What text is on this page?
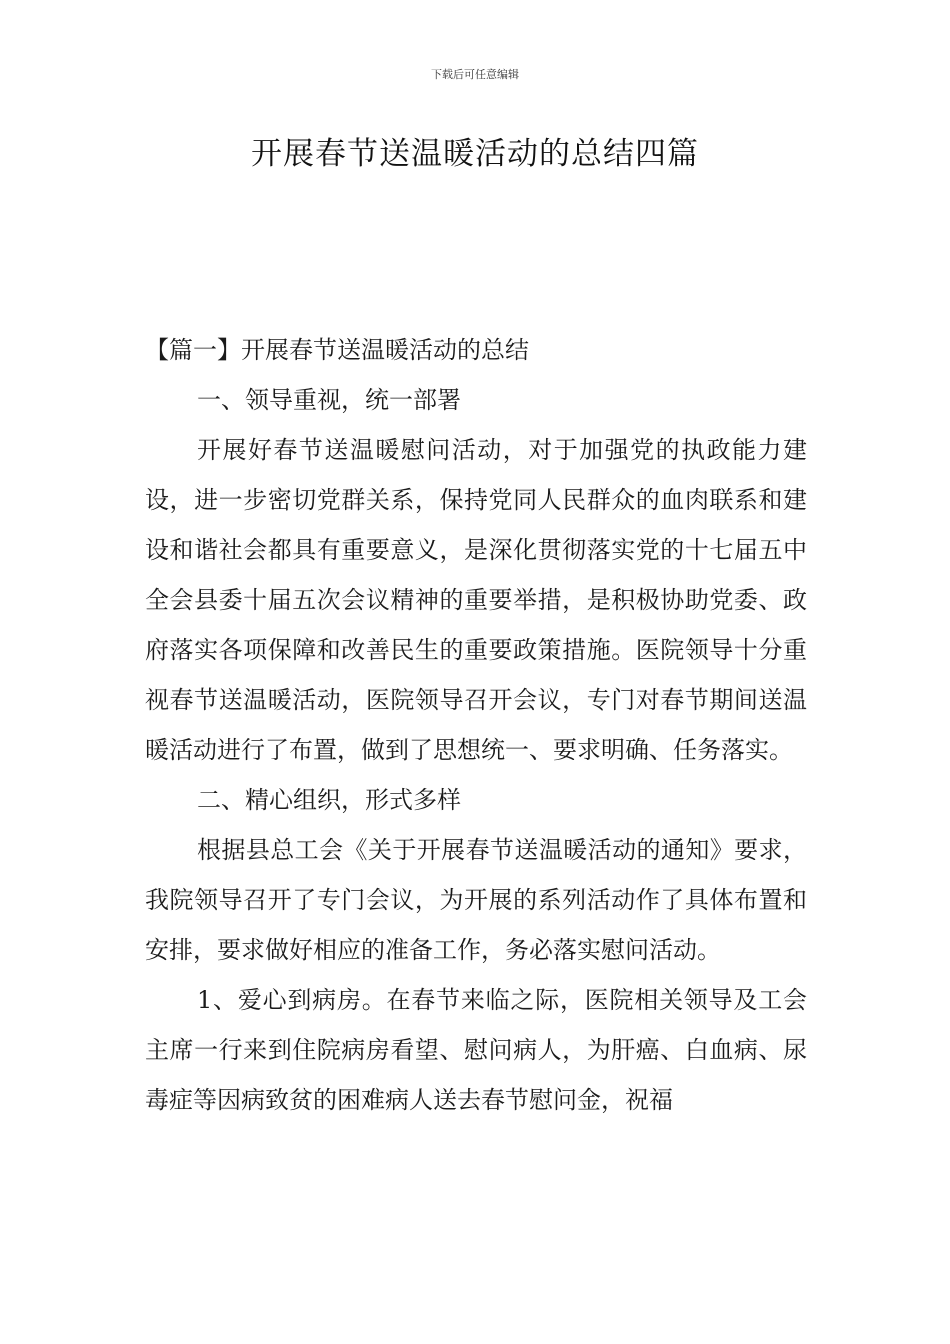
下载后可任意编辑
开展春节送温暖活动的总结四篇

【篇一】开展春节送温暖活动的总结

一、领导重视，统一部署

开展好春节送温暖慰问活动，对于加强党的执政能力建设，进一步密切党群关系，保持党同人民群众的血肉联系和建设和谐社会都具有重要意义，是深化贯彻落实党的十七届五中全会县委十届五次会议精神的重要举措，是积极协助党委、政府落实各项保障和改善民生的重要政策措施。医院领导十分重视春节送温暖活动，医院领导召开会议，专门对春节期间送温暖活动进行了布置，做到了思想统一、要求明确、任务落实。

二、精心组织，形式多样

根据县总工会《关于开展春节送温暖活动的通知》要求，我院领导召开了专门会议，为开展的系列活动作了具体布置和安排，要求做好相应的准备工作，务必落实慰问活动。

1、爱心到病房。在春节来临之际，医院相关领导及工会主席一行来到住院病房看望、慰问病人，为肝癌、白血病、尿毒症等因病致贫的困难病人送去春节慰问金，祝福
